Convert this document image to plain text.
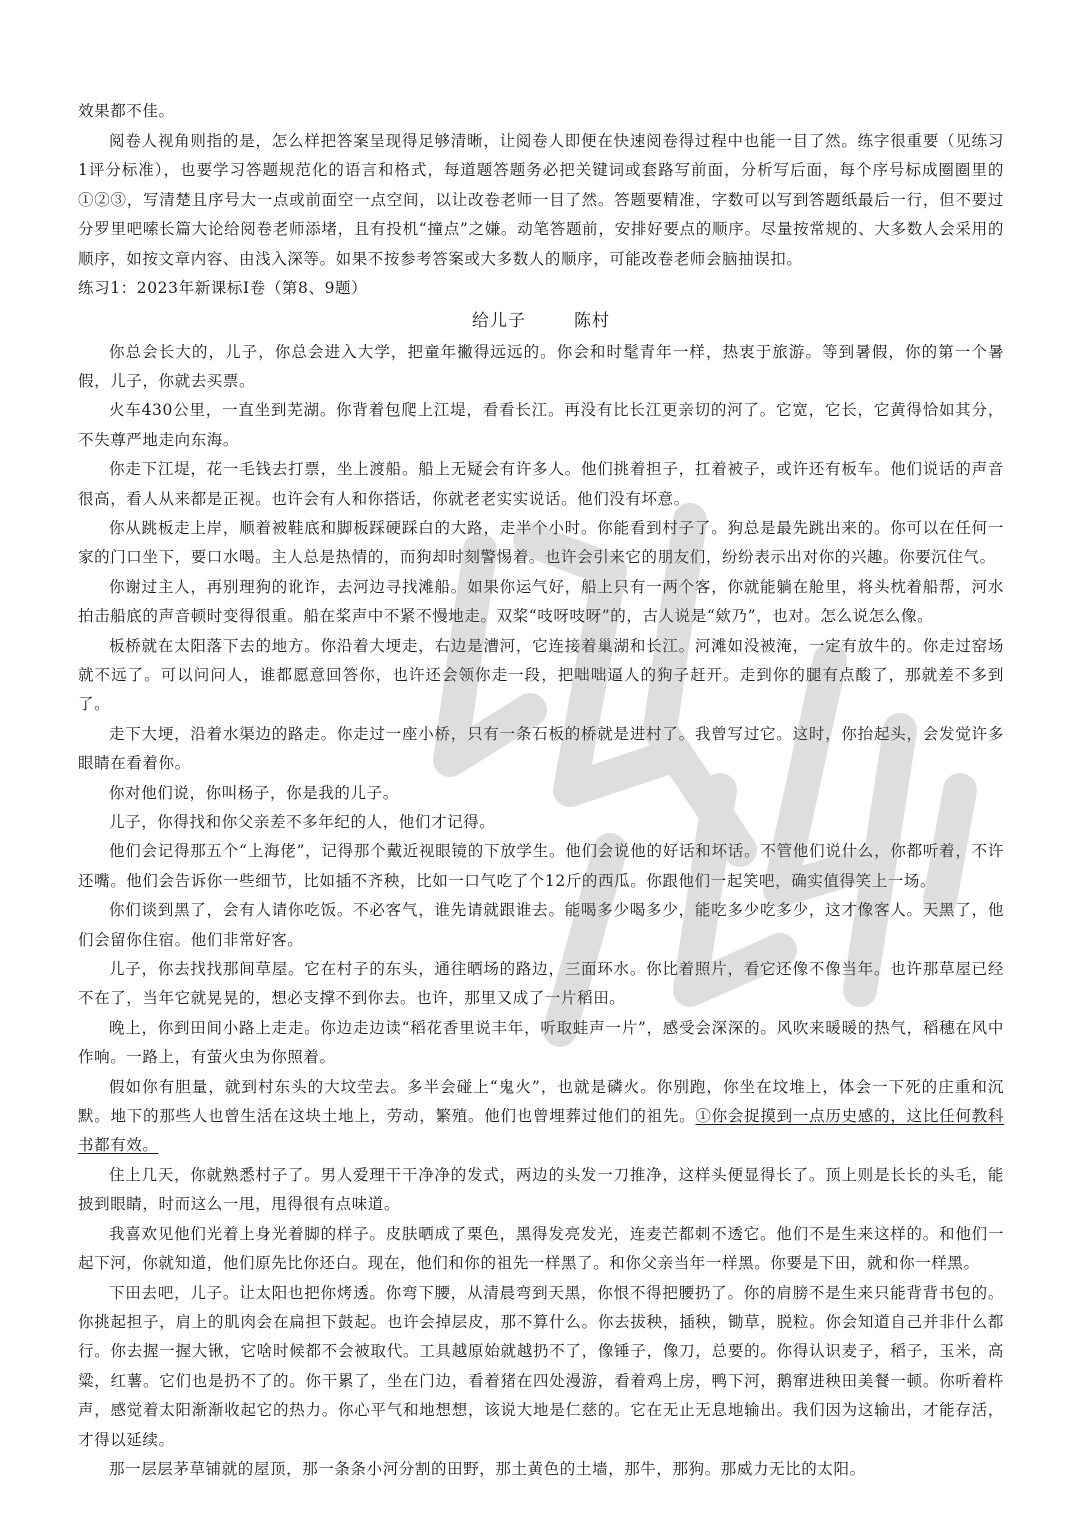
效果都不佳。

阅卷人视角则指的是，怎么样把答案呈现得足够清晰，让阅卷人即便在快速阅卷得过程中也能一目了然。练字很重要（见练习1评分标准），也要学习答题规范化的语言和格式，每道题答题务必把关键词或套路写前面，分析写后面，每个序号标成圈圈里的①②③，写清楚且序号大一点或前面空一点空间，以让改卷老师一目了然。答题要精准，字数可以写到答题纸最后一行，但不要过分罗里吧嗦长篇大论给阅卷老师添堵，且有投机“撞点”之嫌。动笔答题前，安排好要点的顺序。尽量按常规的、大多数人会采用的顺序，如按文章内容、由浅入深等。如果不按参考答案或大多数人的顺序，可能改卷老师会脑抽误扣。

练习1：2023年新课标I卷（第8、9题）

给儿子	陈村

你总会长大的，儿子，你总会进入大学，把童年撇得远远的。你会和时髦青年一样，热衷于旅游。等到暑假，你的第一个暑假，儿子，你就去买票。

火车430公里，一直坐到芜湖。你背着包爬上江堤，看看长江。再没有比长江更亲切的河了。它宽，它长，它黄得恰如其分，不失尊严地走向东海。

你走下江堤，花一毛钱去打票，坐上渡船。船上无疑会有许多人。他们挑着担子，扛着被子，或许还有板车。他们说话的声音很高，看人从来都是正视。也许会有人和你搭话，你就老老实实说话。他们没有坏意。

你从跳板走上岸，顺着被鞋底和脚板踩硬踩白的大路，走半个小时。你能看到村子了。狗总是最先跳出来的。你可以在任何一家的门口坐下，要口水喝。主人总是热情的，而狗却时刻警惕着。也许会引来它的朋友们，纷纷表示出对你的兴趣。你要沉住气。

你谢过主人，再别理狗的讹诈，去河边寻找滩船。如果你运气好，船上只有一两个客，你就能躺在舱里，将头枕着船帮，河水拍击船底的声音顿时变得很重。船在桨声中不紧不慢地走。双桨“吱呀吱呀”的，古人说是“欸乃”，也对。怎么说怎么像。

板桥就在太阳落下去的地方。你沿着大埂走，右边是漕河，它连接着巢湖和长江。河滩如没被淹，一定有放牛的。你走过窑场就不远了。可以问问人，谁都愿意回答你，也许还会领你走一段，把咄咄逼人的狗子赶开。走到你的腿有点酸了，那就差不多到了。

走下大埂，沿着水渠边的路走。你走过一座小桥，只有一条石板的桥就是进村了。我曾写过它。这时，你抬起头，会发觉许多眼睛在看着你。

你对他们说，你叫杨子，你是我的儿子。

儿子，你得找和你父亲差不多年纪的人，他们才记得。

他们会记得那五个“上海佬”，记得那个戴近视眼镜的下放学生。他们会说他的好话和坏话。不管他们说什么，你都听着，不许还嘴。他们会告诉你一些细节，比如插不齐秧，比如一口气吃了个12斤的西瓜。你跟他们一起笑吧，确实值得笑上一场。

你们谈到黑了，会有人请你吃饭。不必客气，谁先请就跟谁去。能喝多少喝多少，能吃多少吃多少，这才像客人。天黑了，他们会留你住宿。他们非常好客。

儿子，你去找找那间草屋。它在村子的东头，通往晒场的路边，三面环水。你比着照片，看它还像不像当年。也许那草屋已经不在了，当年它就晃晃的，想必支撑不到你去。也许，那里又成了一片稻田。

晚上，你到田间小路上走走。你边走边读“稻花香里说丰年，听取蛙声一片”，感受会深深的。风吹来暖暖的热气，稻穗在风中作响。一路上，有萤火虫为你照着。

假如你有胆量，就到村东头的大坟茔去。多半会碰上“鬼火”，也就是磷火。你别跑，你坐在坟堆上，体会一下死的庄重和沉默。地下的那些人也曾生活在这块土地上，劳动，繁殖。他们也曾埋葬过他们的祖先。①你会捉摸到一点历史感的，这比任何教科书都有效。

住上几天，你就熟悉村子了。男人爱理干干净净的发式，两边的头发一刀推净，这样头便显得长了。顶上则是长长的头毛，能披到眼睛，时而这么一甩，甩得很有点味道。

我喜欢见他们光着上身光着脚的样子。皮肤晒成了栗色，黑得发亮发光，连麦芒都刺不透它。他们不是生来这样的。和他们一起下河，你就知道，他们原先比你还白。现在，他们和你的祖先一样黑了。和你父亲当年一样黑。你要是下田，就和你一样黑。

下田去吧，儿子。让太阳也把你烤透。你弯下腰，从清晨弯到天黑，你恨不得把腰扔了。你的肩膀不是生来只能背背书包的。你挑起担子，肩上的肌肉会在扁担下鼓起。也许会掉层皮，那不算什么。你去拔秧，插秧，锄草，脱粒。你会知道自己并非什么都行。你去握一握大锹，它啥时候都不会被取代。工具越原始就越扔不了，像锤子，像刀，总要的。你得认识麦子，稻子，玉米，高粱，红薯。它们也是扔不了的。你干累了，坐在门边，看着猪在四处漫游，看着鸡上房，鸭下河，鹅窜进秧田美餐一顿。你听着杵声，感觉着太阳渐渐收起它的热力。你心平气和地想想，该说大地是仁慈的。它在无止无息地输出。我们因为这输出，才能存活，才得以延续。

那一层层茅草铺就的屋顶，那一条条小河分割的田野，那土黄色的土墙，那牛，那狗。那威力无比的太阳。
